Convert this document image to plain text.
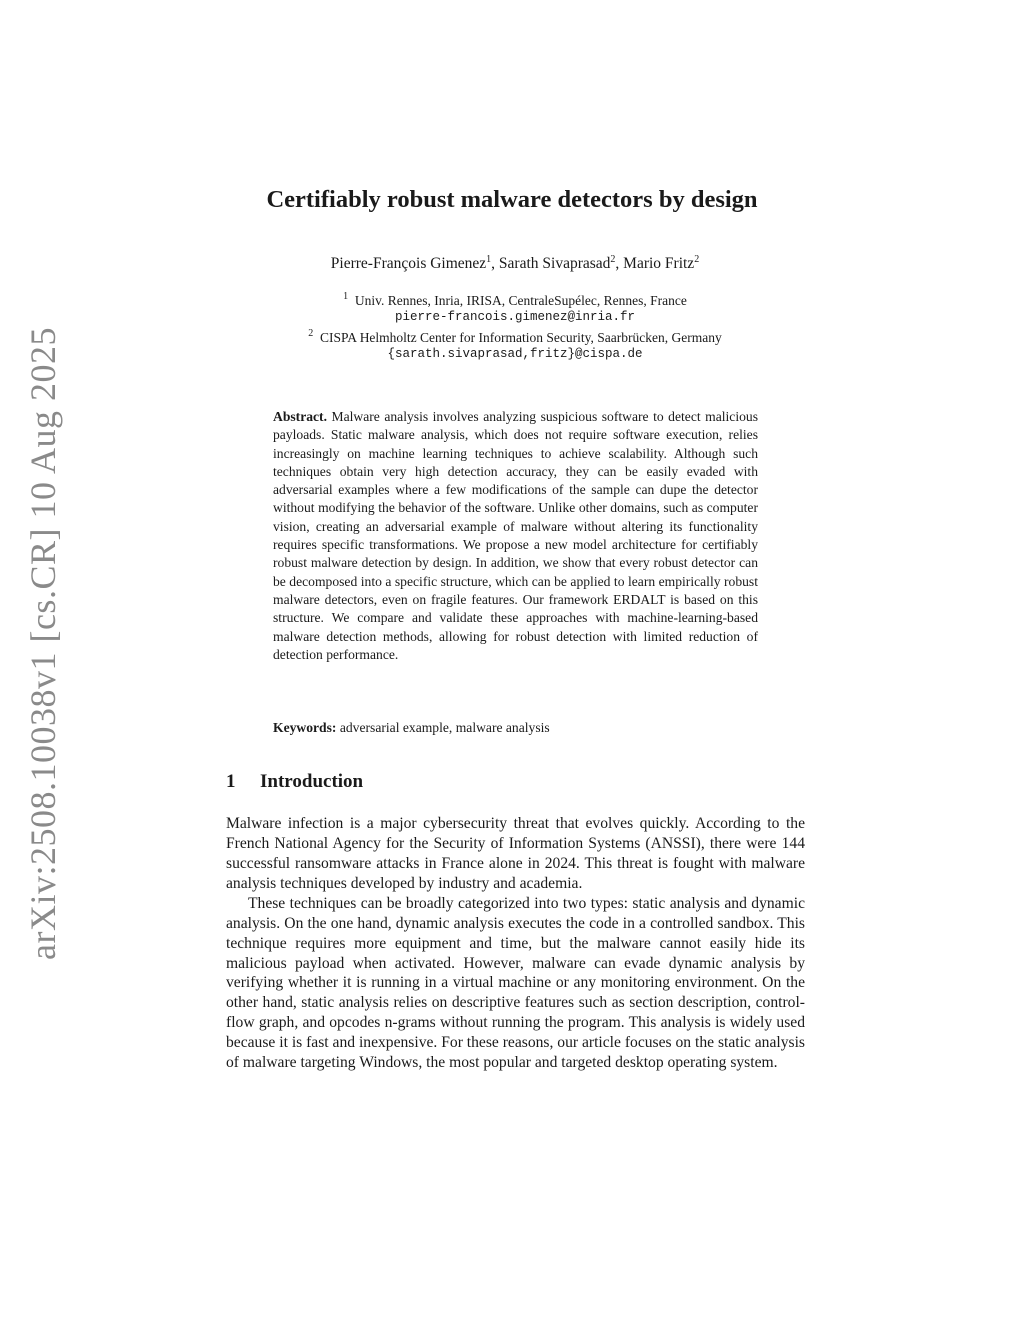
arXiv:2508.10038v1 [cs.CR] 10 Aug 2025
Certifiably robust malware detectors by design
Pierre-François Gimenez$^1$, Sarath Sivaprasad$^2$, Mario Fritz$^2$
$^1$ Univ. Rennes, Inria, IRISA, CentraleSupélec, Rennes, France
pierre-francois.gimenez@inria.fr
$^2$ CISPA Helmholtz Center for Information Security, Saarbrücken, Germany
{sarath.sivaprasad,fritz}@cispa.de

Abstract. Malware analysis involves analyzing suspicious software to detect malicious payloads. Static malware analysis, which does not require software execution, relies increasingly on machine learning techniques to achieve scalability. Although such techniques obtain very high detection accuracy, they can be easily evaded with adversarial examples where a few modifications of the sample can dupe the detector without modifying the behavior of the software. Unlike other domains, such as computer vision, creating an adversarial example of malware without altering its functionality requires specific transformations. We propose a new model architecture for certifiably robust malware detection by design. In addition, we show that every robust detector can be decomposed into a specific structure, which can be applied to learn empirically robust malware detectors, even on fragile features. Our framework ERDALT is based on this structure. We compare and validate these approaches with machine-learning-based malware detection methods, allowing for robust detection with limited reduction of detection performance.

Keywords: adversarial example, malware analysis
1 Introduction

Malware infection is a major cybersecurity threat that evolves quickly. According to the French National Agency for the Security of Information Systems (ANSSI), there were 144 successful ransomware attacks in France alone in 2024. This threat is fought with malware analysis techniques developed by industry and academia.

These techniques can be broadly categorized into two types: static analysis and dynamic analysis. On the one hand, dynamic analysis executes the code in a controlled sandbox. This technique requires more equipment and time, but the malware cannot easily hide its malicious payload when activated. However, malware can evade dynamic analysis by verifying whether it is running in a virtual machine or any monitoring environment. On the other hand, static analysis relies on descriptive features such as section description, control-flow graph, and opcodes n-grams without running the program. This analysis is widely used because it is fast and inexpensive. For these reasons, our article focuses on the static analysis of malware targeting Windows, the most popular and targeted desktop operating system.
